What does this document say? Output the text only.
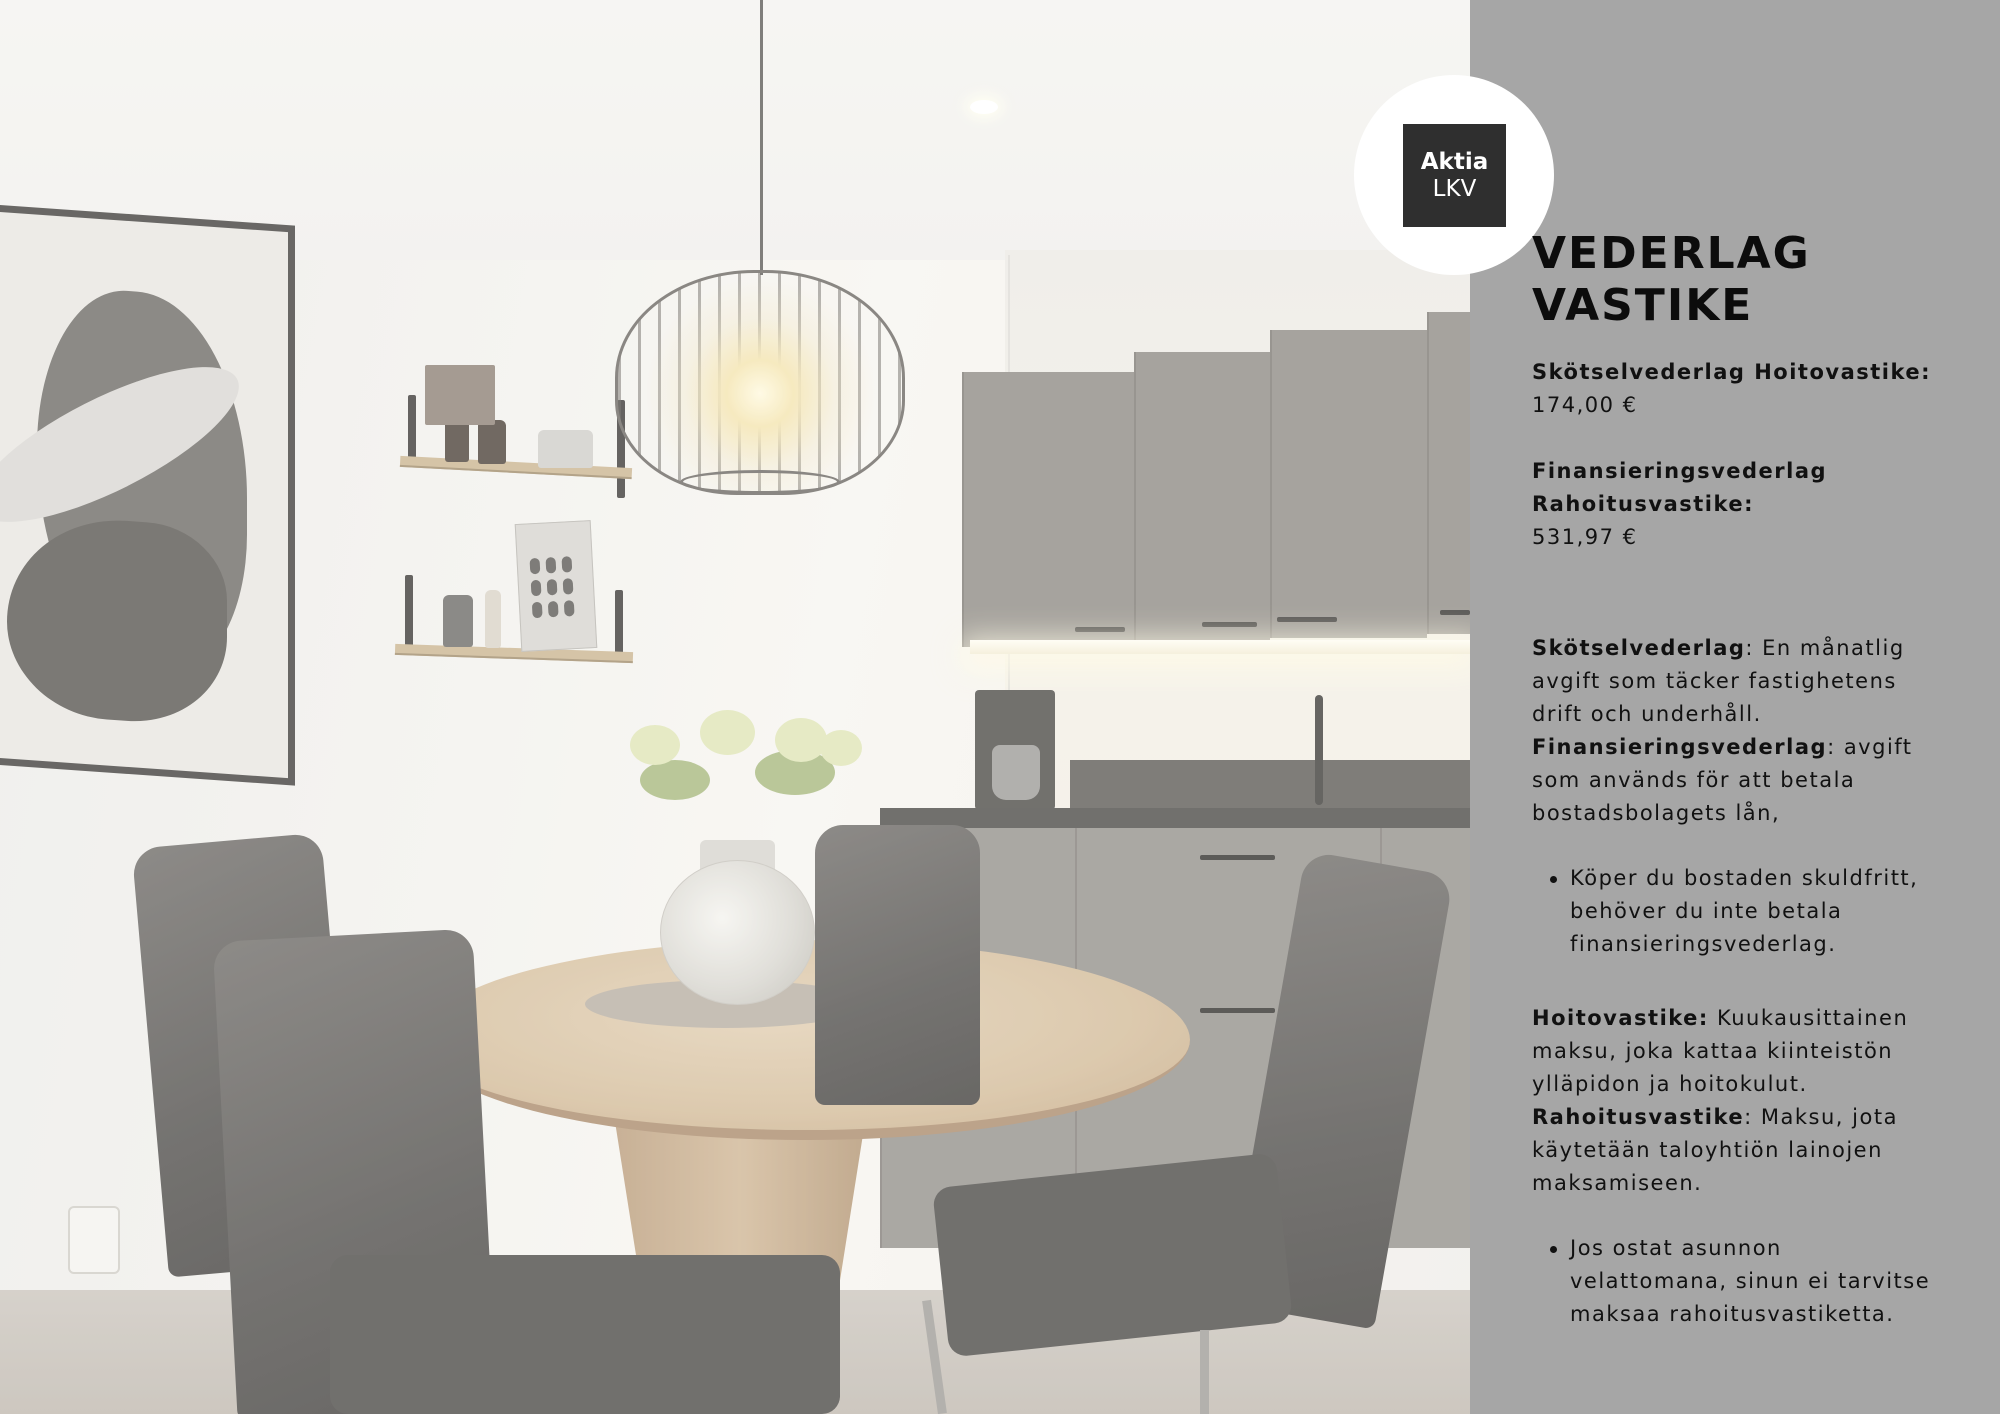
Aktia
LKV
VEDERLAG
VASTIKE
Skötselvederlag Hoitovastike:
174,00 €
Finansieringsvederlag
Rahoitusvastike:
531,97 €
Skötselvederlag: En månatlig
avgift som täcker fastighetens
drift och underhåll.
Finansieringsvederlag: avgift
som används för att betala
bostadsbolagets lån,
Köper du bostaden skuldfritt,
behöver du inte betala
finansieringsvederlag.
Hoitovastike: Kuukausittainen
maksu, joka kattaa kiinteistön
ylläpidon ja hoitokulut.
Rahoitusvastike: Maksu, jota
käytetään taloyhtiön lainojen
maksamiseen.
Jos ostat asunnon
velattomana, sinun ei tarvitse
maksaa rahoitusvastiketta.
